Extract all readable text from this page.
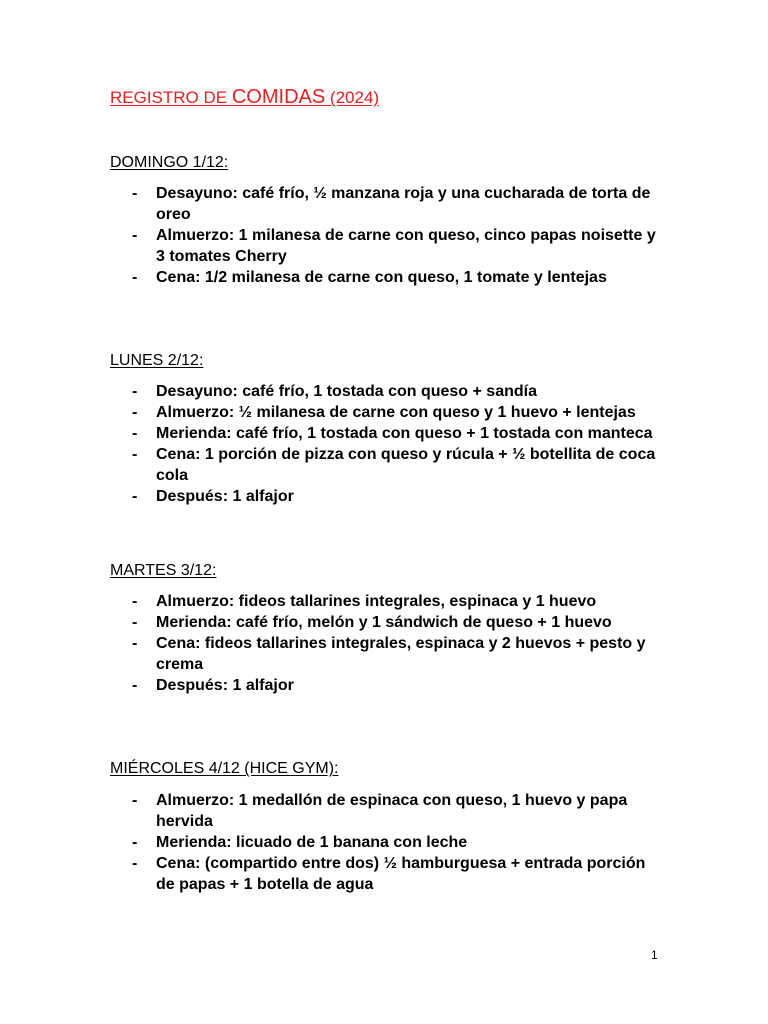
REGISTRO DE COMIDAS (2024)
DOMINGO 1/12:
- Desayuno: café frío, ½ manzana roja y una cucharada de torta de oreo
- Almuerzo: 1 milanesa de carne con queso, cinco papas noisette y 3 tomates Cherry
- Cena: 1/2 milanesa de carne con queso, 1 tomate y lentejas
LUNES 2/12:
- Desayuno: café frío, 1 tostada con queso + sandía
- Almuerzo: ½ milanesa de carne con queso y 1 huevo + lentejas
- Merienda: café frío, 1 tostada con queso + 1 tostada con manteca
- Cena: 1 porción de pizza con queso y rúcula + ½ botellita de coca cola
- Después: 1 alfajor
MARTES 3/12:
- Almuerzo: fideos tallarines integrales, espinaca y 1 huevo
- Merienda: café frío, melón y 1 sándwich de queso + 1 huevo
- Cena: fideos tallarines integrales, espinaca y 2 huevos + pesto y crema
- Después: 1 alfajor
MIÉRCOLES 4/12 (HICE GYM):
- Almuerzo: 1 medallón de espinaca con queso, 1 huevo y papa hervida
- Merienda: licuado de 1 banana con leche
- Cena: (compartido entre dos) ½ hamburguesa + entrada porción de papas + 1 botella de agua
1
